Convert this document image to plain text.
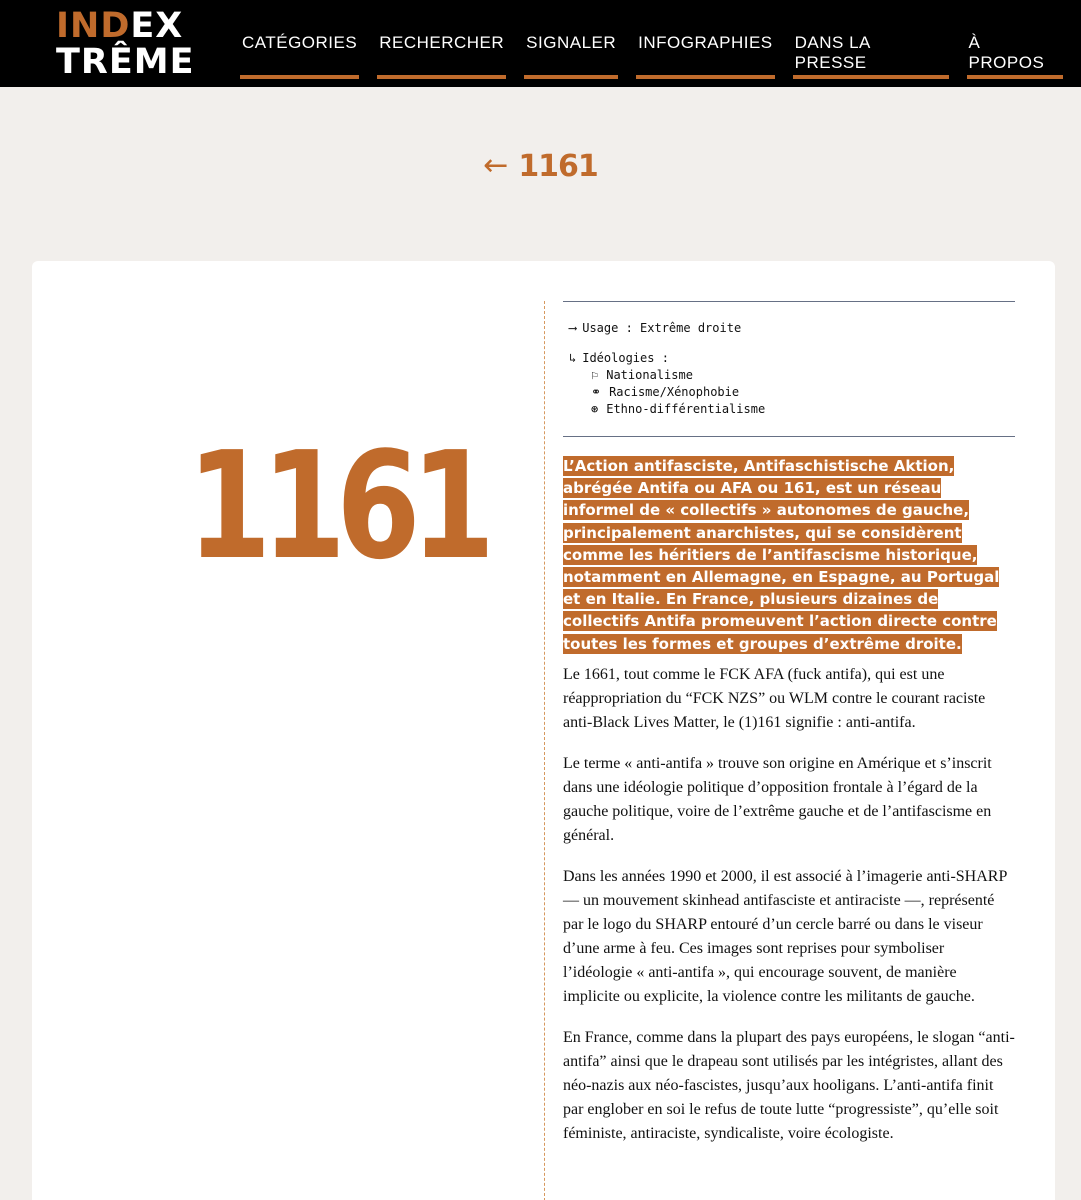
INDEX
TRÊME	CATÉGORIES RECHERCHER SIGNALER INFOGRAPHIES DANS LA PRESSE
À PROPOS
← 1161
1161
⟶ Usage : Extrême droite
↳ Idéologies :
⚐ Nationalisme
⚭ Racisme/Xénophobie
⊛ Ethno-différentialisme
L’Action antifasciste, Antifaschistische Aktion, abrégée Antifa ou AFA ou 161, est un réseau informel de « collectifs » autonomes de gauche, principalement anarchistes, qui se considèrent comme les héritiers de l’antifascisme historique, notamment en Allemagne, en Espagne, au Portugal et en Italie. En France, plusieurs dizaines de collectifs Antifa promeuvent l’action directe contre toutes les formes et groupes d’extrême droite.

Le 1661, tout comme le FCK AFA (fuck antifa), qui est une réappropriation du “FCK NZS” ou WLM contre le courant raciste anti-Black Lives Matter, le (1)161 signifie : anti-antifa.

Le terme « anti-antifa » trouve son origine en Amérique et s’inscrit dans une idéologie politique d’opposition frontale à l’égard de la gauche politique, voire de l’extrême gauche et de l’antifascisme en général.

Dans les années 1990 et 2000, il est associé à l’imagerie anti-SHARP — un mouvement skinhead antifasciste et antiraciste —, représenté par le logo du SHARP entouré d’un cercle barré ou dans le viseur d’une arme à feu. Ces images sont reprises pour symboliser l’idéologie « anti-antifa », qui encourage souvent, de manière implicite ou explicite, la violence contre les militants de gauche.

En France, comme dans la plupart des pays européens, le slogan “anti-antifa” ainsi que le drapeau sont utilisés par les intégristes, allant des néo-nazis aux néo-fascistes, jusqu’aux hooligans. L’anti-antifa finit par englober en soi le refus de toute lutte “progressiste”, qu’elle soit féministe, antiraciste, syndicaliste, voire écologiste.
